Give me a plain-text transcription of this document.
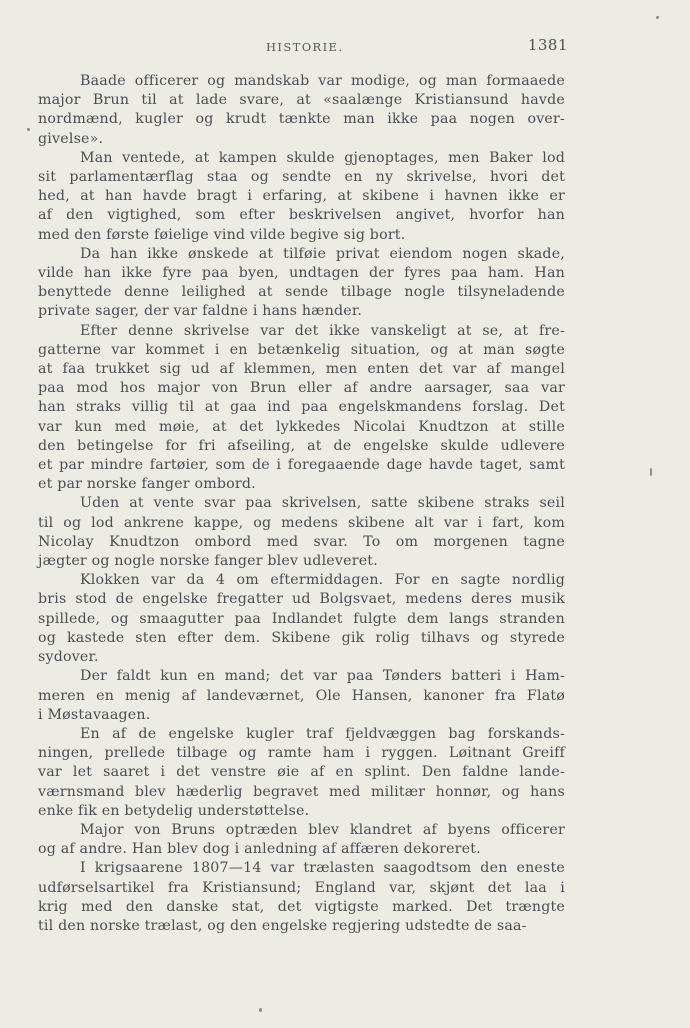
HISTORIE.	1381
Baade officerer og mandskab var modige, og man formaaede
major Brun til at lade svare, at «saalænge Kristiansund havde
nordmænd, kugler og krudt tænkte man ikke paa nogen over-
givelse».
Man ventede, at kampen skulde gjenoptages, men Baker lod
sit parlamentærflag staa og sendte en ny skrivelse, hvori det
hed, at han havde bragt i erfaring, at skibene i havnen ikke er
af den vigtighed, som efter beskrivelsen angivet, hvorfor han
med den første føielige vind vilde begive sig bort.
Da han ikke ønskede at tilføie privat eiendom nogen skade,
vilde han ikke fyre paa byen, undtagen der fyres paa ham. Han
benyttede denne leilighed at sende tilbage nogle tilsyneladende
private sager, der var faldne i hans hænder.
Efter denne skrivelse var det ikke vanskeligt at se, at fre-
gatterne var kommet i en betænkelig situation, og at man søgte
at faa trukket sig ud af klemmen, men enten det var af mangel
paa mod hos major von Brun eller af andre aarsager, saa var
han straks villig til at gaa ind paa engelskmandens forslag. Det
var kun med møie, at det lykkedes Nicolai Knudtzon at stille
den betingelse for fri afseiling, at de engelske skulde udlevere
et par mindre fartøier, som de i foregaaende dage havde taget, samt
et par norske fanger ombord.
Uden at vente svar paa skrivelsen, satte skibene straks seil
til og lod ankrene kappe, og medens skibene alt var i fart, kom
Nicolay Knudtzon ombord med svar. To om morgenen tagne
jægter og nogle norske fanger blev udleveret.
Klokken var da 4 om eftermiddagen. For en sagte nordlig
bris stod de engelske fregatter ud Bolgsvaet, medens deres musik
spillede, og smaagutter paa Indlandet fulgte dem langs stranden
og kastede sten efter dem. Skibene gik rolig tilhavs og styrede
sydover.
Der faldt kun en mand; det var paa Tønders batteri i Ham-
meren en menig af landeværnet, Ole Hansen, kanoner fra Flatø
i Møstavaagen.
En af de engelske kugler traf fjeldvæggen bag forskands-
ningen, prellede tilbage og ramte ham i ryggen. Løitnant Greiff
var let saaret i det venstre øie af en splint. Den faldne lande-
værnsmand blev hæderlig begravet med militær honnør, og hans
enke fik en betydelig understøttelse.
Major von Bruns optræden blev klandret af byens officerer
og af andre. Han blev dog i anledning af affæren dekoreret.
I krigsaarene 1807—14 var trælasten saagodtsom den eneste
udførselsartikel fra Kristiansund; England var, skjønt det laa i
krig med den danske stat, det vigtigste marked. Det trængte
til den norske trælast, og den engelske regjering udstedte de saa-
